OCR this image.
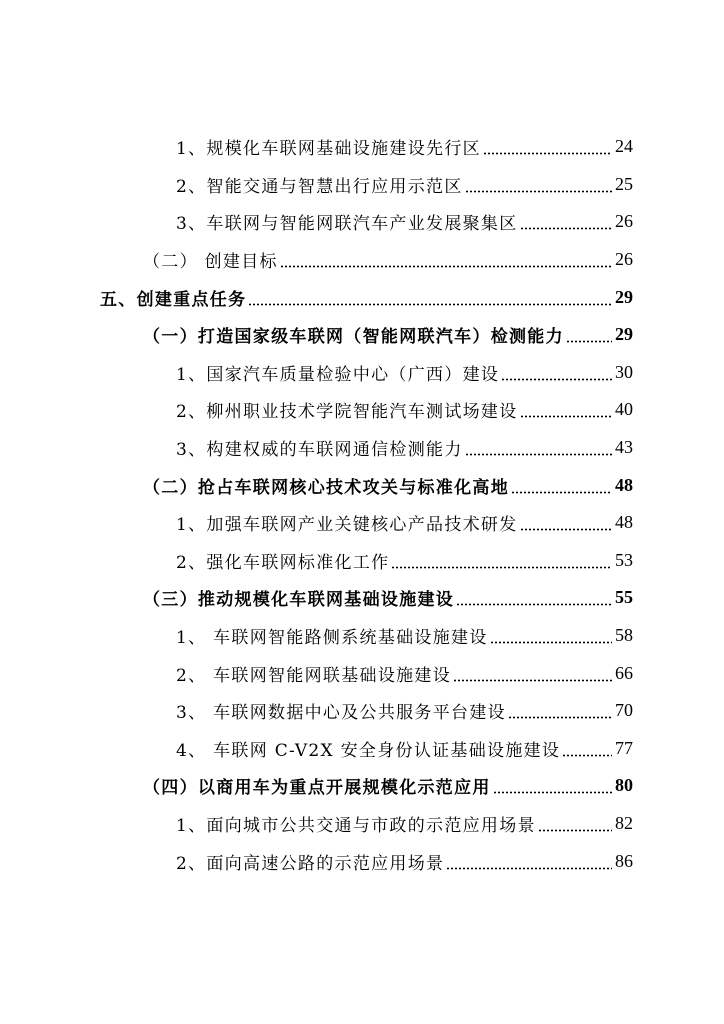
1、规模化车联网基础设施建设先行区	24
2、智能交通与智慧出行应用示范区	25
3、车联网与智能网联汽车产业发展聚集区	26
（二） 创建目标	26
五、创建重点任务	29
（一）打造国家级车联网（智能网联汽车）检测能力	29
1、国家汽车质量检验中心（广西）建设	30
2、柳州职业技术学院智能汽车测试场建设	40
3、构建权威的车联网通信检测能力	43
（二）抢占车联网核心技术攻关与标准化高地	48
1、加强车联网产业关键核心产品技术研发	48
2、强化车联网标准化工作	53
（三）推动规模化车联网基础设施建设	55
1、 车联网智能路侧系统基础设施建设	58
2、 车联网智能网联基础设施建设	66
3、 车联网数据中心及公共服务平台建设	70
4、 车联网 C-V2X 安全身份认证基础设施建设	77
（四）以商用车为重点开展规模化示范应用	80
1、面向城市公共交通与市政的示范应用场景	82
2、面向高速公路的示范应用场景	86
